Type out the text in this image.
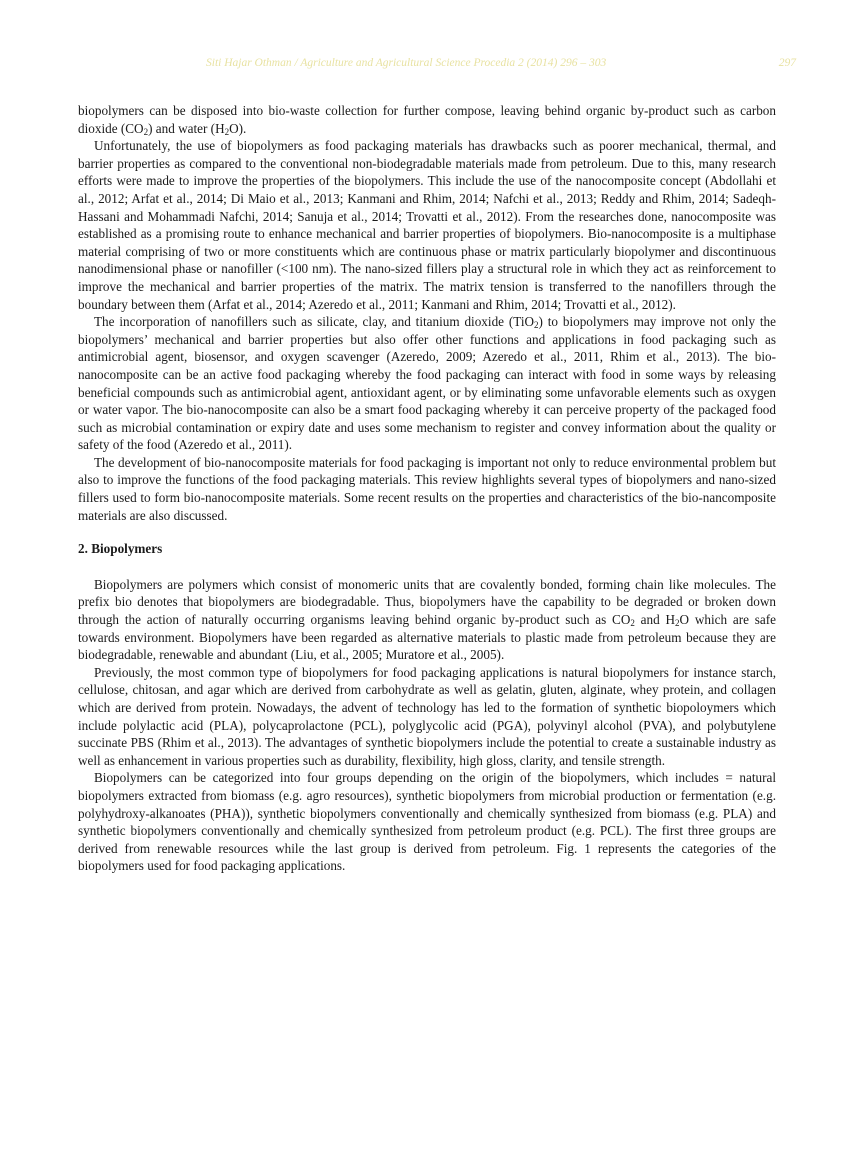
Siti Hajar Othman / Agriculture and Agricultural Science Procedia 2 (2014) 296 – 303	297

biopolymers can be disposed into bio-waste collection for further compose, leaving behind organic by-product such as carbon dioxide $(CO_2)$ and water $(H_2O)$.

Unfortunately, the use of biopolymers as food packaging materials has drawbacks such as poorer mechanical, thermal, and barrier properties as compared to the conventional non-biodegradable materials made from petroleum. Due to this, many research efforts were made to improve the properties of the biopolymers. This include the use of the nanocomposite concept (Abdollahi et al., 2012; Arfat et al., 2014; Di Maio et al., 2013; Kanmani and Rhim, 2014; Nafchi et al., 2013; Reddy and Rhim, 2014; Sadeqh-Hassani and Mohammadi Nafchi, 2014; Sanuja et al., 2014; Trovatti et al., 2012). From the researches done, nanocomposite was established as a promising route to enhance mechanical and barrier properties of biopolymers. Bio-nanocomposite is a multiphase material comprising of two or more constituents which are continuous phase or matrix particularly biopolymer and discontinuous nanodimensional phase or nanofiller (<100 nm). The nano-sized fillers play a structural role in which they act as reinforcement to improve the mechanical and barrier properties of the matrix. The matrix tension is transferred to the nanofillers through the boundary between them (Arfat et al., 2014; Azeredo et al., 2011; Kanmani and Rhim, 2014; Trovatti et al., 2012).

The incorporation of nanofillers such as silicate, clay, and titanium dioxide (TiO$_2$) to biopolymers may improve not only the biopolymers’ mechanical and barrier properties but also offer other functions and applications in food packaging such as antimicrobial agent, biosensor, and oxygen scavenger (Azeredo, 2009; Azeredo et al., 2011, Rhim et al., 2013). The bio-nanocomposite can be an active food packaging whereby the food packaging can interact with food in some ways by releasing beneficial compounds such as antimicrobial agent, antioxidant agent, or by eliminating some unfavorable elements such as oxygen or water vapor. The bio-nanocomposite can also be a smart food packaging whereby it can perceive property of the packaged food such as microbial contamination or expiry date and uses some mechanism to register and convey information about the quality or safety of the food (Azeredo et al., 2011).

The development of bio-nanocomposite materials for food packaging is important not only to reduce environmental problem but also to improve the functions of the food packaging materials. This review highlights several types of biopolymers and nano-sized fillers used to form bio-nanocomposite materials. Some recent results on the properties and characteristics of the bio-nancomposite materials are also discussed.

2. Biopolymers

Biopolymers are polymers which consist of monomeric units that are covalently bonded, forming chain like molecules. The prefix bio denotes that biopolymers are biodegradable. Thus, biopolymers have the capability to be degraded or broken down through the action of naturally occurring organisms leaving behind organic by-product such as $CO_2$ and $H_2O$ which are safe towards environment. Biopolymers have been regarded as alternative materials to plastic made from petroleum because they are biodegradable, renewable and abundant (Liu, et al., 2005; Muratore et al., 2005).

Previously, the most common type of biopolymers for food packaging applications is natural biopolymers for instance starch, cellulose, chitosan, and agar which are derived from carbohydrate as well as gelatin, gluten, alginate, whey protein, and collagen which are derived from protein. Nowadays, the advent of technology has led to the formation of synthetic biopoloymers which include polylactic acid (PLA), polycaprolactone (PCL), polyglycolic acid (PGA), polyvinyl alcohol (PVA), and polybutylene succinate PBS (Rhim et al., 2013). The advantages of synthetic biopolymers include the potential to create a sustainable industry as well as enhancement in various properties such as durability, flexibility, high gloss, clarity, and tensile strength.

Biopolymers can be categorized into four groups depending on the origin of the biopolymers, which includes = natural biopolymers extracted from biomass (e.g. agro resources), synthetic biopolymers from microbial production or fermentation (e.g. polyhydroxy-alkanoates (PHA)), synthetic biopolymers conventionally and chemically synthesized from biomass (e.g. PLA) and synthetic biopolymers conventionally and chemically synthesized from petroleum product (e.g. PCL). The first three groups are derived from renewable resources while the last group is derived from petroleum. Fig. 1 represents the categories of the biopolymers used for food packaging applications.
